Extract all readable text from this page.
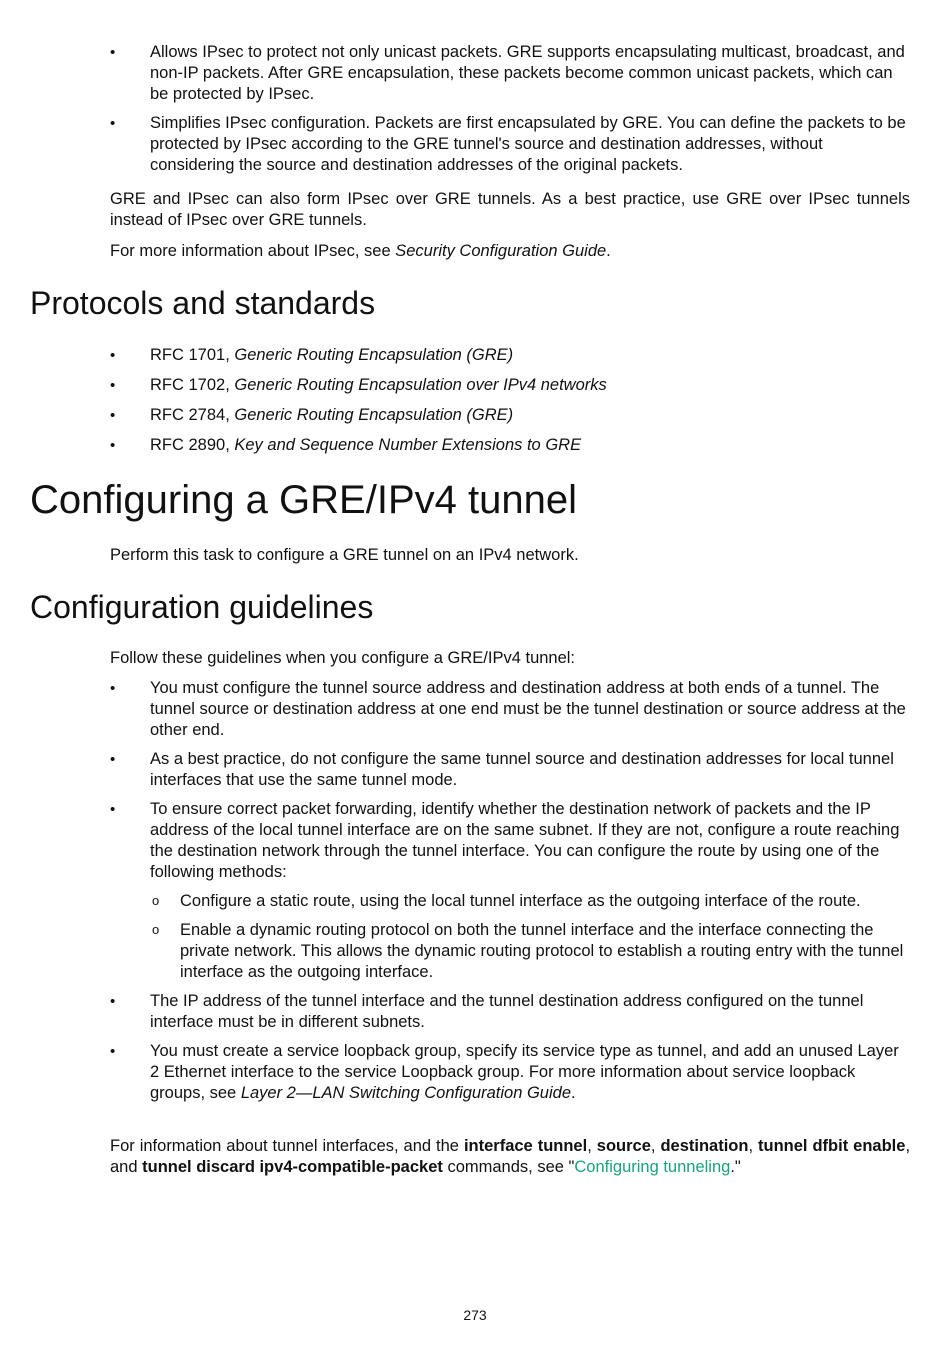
• Allows IPsec to protect not only unicast packets. GRE supports encapsulating multicast, broadcast, and non-IP packets. After GRE encapsulation, these packets become common unicast packets, which can be protected by IPsec.
• Simplifies IPsec configuration. Packets are first encapsulated by GRE. You can define the packets to be protected by IPsec according to the GRE tunnel's source and destination addresses, without considering the source and destination addresses of the original packets.

GRE and IPsec can also form IPsec over GRE tunnels. As a best practice, use GRE over IPsec tunnels instead of IPsec over GRE tunnels.

For more information about IPsec, see Security Configuration Guide.

Protocols and standards
• RFC 1701, Generic Routing Encapsulation (GRE)
• RFC 1702, Generic Routing Encapsulation over IPv4 networks
• RFC 2784, Generic Routing Encapsulation (GRE)
• RFC 2890, Key and Sequence Number Extensions to GRE
Configuring a GRE/IPv4 tunnel

Perform this task to configure a GRE tunnel on an IPv4 network.

Configuration guidelines

Follow these guidelines when you configure a GRE/IPv4 tunnel:

• You must configure the tunnel source address and destination address at both ends of a tunnel. The tunnel source or destination address at one end must be the tunnel destination or source address at the other end.
• As a best practice, do not configure the same tunnel source and destination addresses for local tunnel interfaces that use the same tunnel mode.
• To ensure correct packet forwarding, identify whether the destination network of packets and the IP address of the local tunnel interface are on the same subnet. If they are not, configure a route reaching the destination network through the tunnel interface. You can configure the route by using one of the following methods:
o Configure a static route, using the local tunnel interface as the outgoing interface of the route.
o Enable a dynamic routing protocol on both the tunnel interface and the interface connecting the private network. This allows the dynamic routing protocol to establish a routing entry with the tunnel interface as the outgoing interface.
• The IP address of the tunnel interface and the tunnel destination address configured on the tunnel interface must be in different subnets.
• You must create a service loopback group, specify its service type as tunnel, and add an unused Layer 2 Ethernet interface to the service Loopback group. For more information about service loopback groups, see Layer 2—LAN Switching Configuration Guide.

For information about tunnel interfaces, and the interface tunnel, source, destination, tunnel dfbit enable, and tunnel discard ipv4-compatible-packet commands, see "Configuring tunneling."

273
